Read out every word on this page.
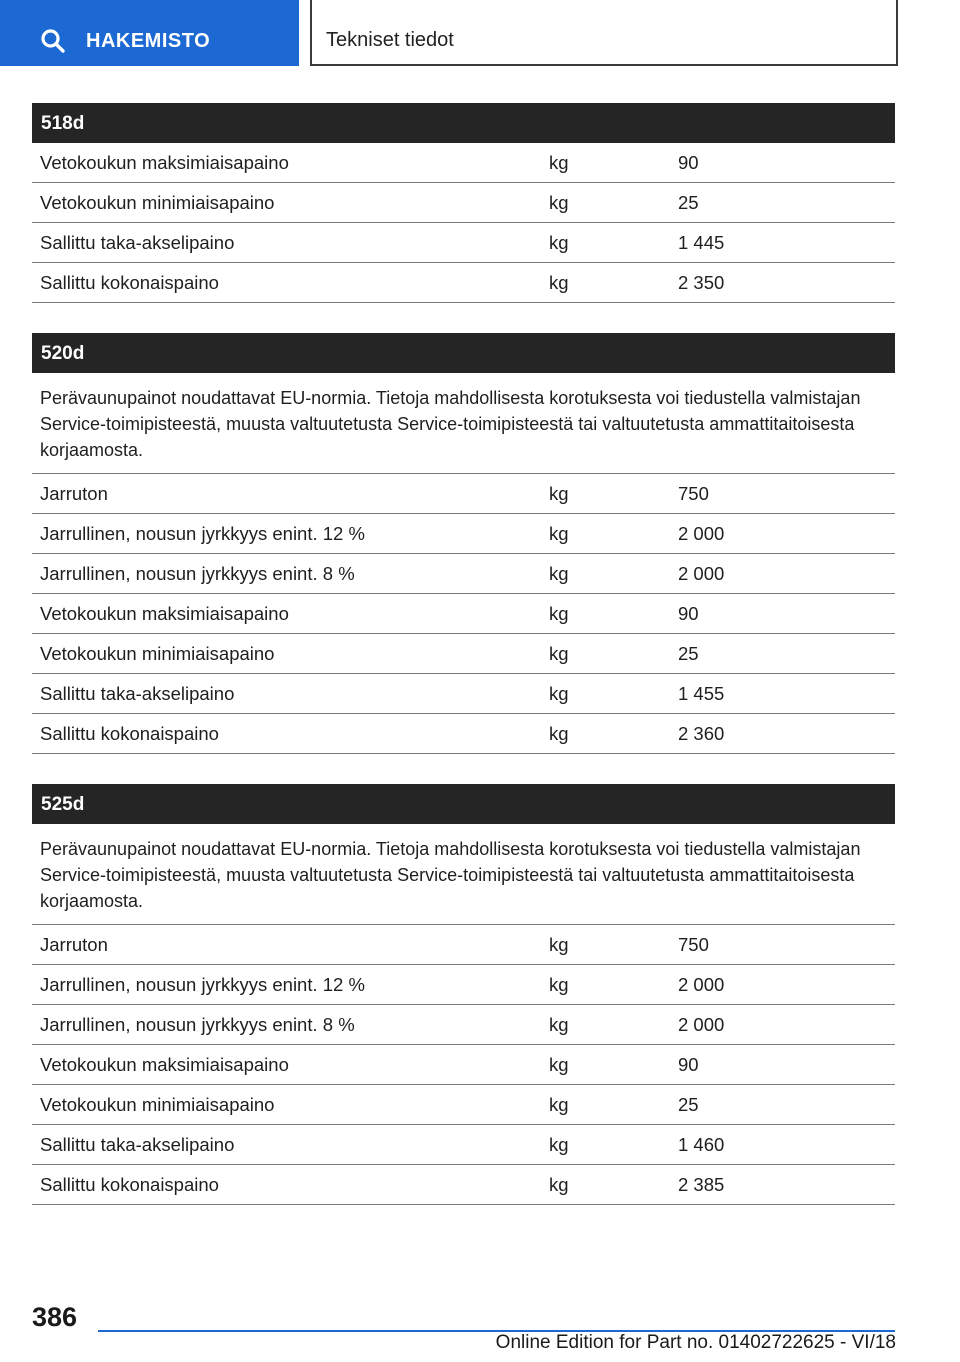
HAKEMISTO	Tekniset tiedot
518d
Vetokoukun maksimiaisapaino	kg	90
Vetokoukun minimiaisapaino	kg	25
Sallittu taka-akselipaino	kg	1 445
Sallittu kokonaispaino	kg	2 350
520d
Perävaunupainot noudattavat EU-normia. Tietoja mahdollisesta korotuksesta voi tiedustella valmistajan Service-toimipisteestä, muusta valtuutetusta Service-toimipisteestä tai valtuutetusta ammattitaitoisesta korjaamosta.
Jarruton	kg	750
Jarrullinen, nousun jyrkkyys enint. 12 %	kg	2 000
Jarrullinen, nousun jyrkkyys enint. 8 %	kg	2 000
Vetokoukun maksimiaisapaino	kg	90
Vetokoukun minimiaisapaino	kg	25
Sallittu taka-akselipaino	kg	1 455
Sallittu kokonaispaino	kg	2 360
525d
Perävaunupainot noudattavat EU-normia. Tietoja mahdollisesta korotuksesta voi tiedustella valmistajan Service-toimipisteestä, muusta valtuutetusta Service-toimipisteestä tai valtuutetusta ammattitaitoisesta korjaamosta.
Jarruton	kg	750
Jarrullinen, nousun jyrkkyys enint. 12 %	kg	2 000
Jarrullinen, nousun jyrkkyys enint. 8 %	kg	2 000
Vetokoukun maksimiaisapaino	kg	90
Vetokoukun minimiaisapaino	kg	25
Sallittu taka-akselipaino	kg	1 460
Sallittu kokonaispaino	kg	2 385
386
Online Edition for Part no. 01402722625 - VI/18
